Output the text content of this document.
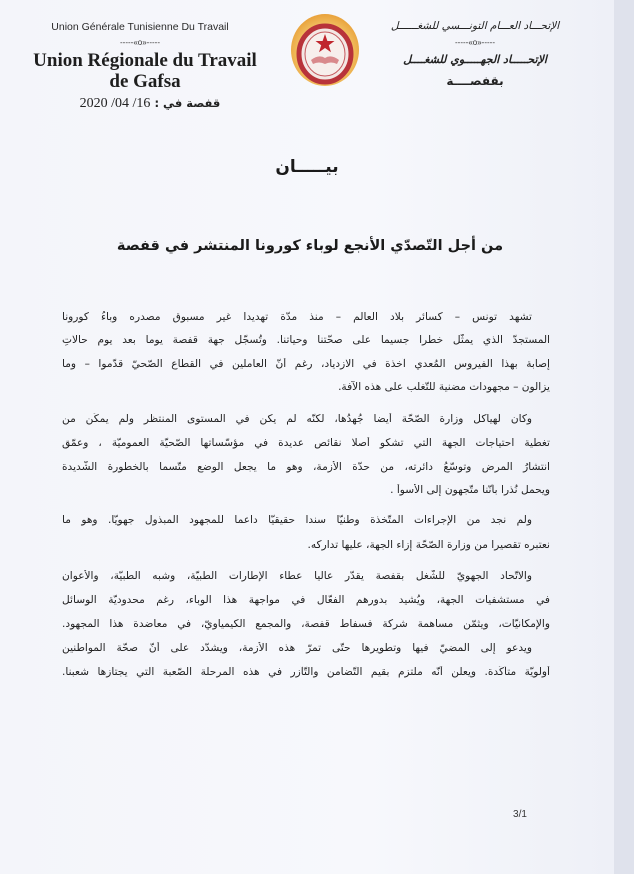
Union Générale Tunisienne Du Travail
-----«o»-----
Union Régionale du Travail
de Gafsa
قفصة في : 2020 /04 /16
الإتحـــاد العـــام التونـــسي للشغــــــل
-----«o»-----
الإتحـــــاد الجهـــــوي للشغــــل
بقفصــــة
بيـــــان
من أجل التّصدّي الأنجع لوباء كورونا المنتشر في قفصة
تشهد تونس – كسائر بلاد العالم – منذ مدّة تهديدا غير مسبوق مصدره وباءُ كورونا
المستجدّ الّذي يمثّل خطرا جسيما على صحّتنا وحياتنا. وتُسجّل جهة قفصة يوما بعد يوم حالاتِ
إصابة بهذا الفيروس المُعدي آخذة في الازدياد، رغم أنّ العاملين في القطاع الصّحيّ قدّموا – وما
يزالون – مجهودات مضنية للتّغلّب على هذه الآفة.
وكان لهياكل وزارة الصّحّة أيضا جُهدُها، لكنّه لم يكن في المستوى المنتظر ولم يمكّن من
تغطية احتياجات الجهة الّتي تشكو أصلا نقائص عديدة في مؤسّساتها الصّحيّة العموميّة ، وعمّق
انتشارُ المرض وتوسّعُ دائرته، من حدّة الأزمة، وهو ما يجعل الوضع متّسما بالخطورة الشّديدة
ويحمل نُذرا بأنّنا متّجهون إلى الأسوأ .
ولم نجد من الإجراءات المتّخذة وطنيّا سندا حقيقيّا داعما للمجهود المبذول جهويّا. وهو ما
نعتبره تقصيرا من وزارة الصّحّة إزاء الجهة، عليها تداركه.
والاتّحاد الجهويّ للشّغل بقفصة يقدّر عاليا عطاء الإطارات الطّبيّة، وشبه الطّبيّة، والأعوان
في مستشفيات الجهة، ويُشيد بدورهم الفعّال في مواجهة هذا الوباء، رغم محدوديّة الوسائل
والإمكانيّات، ويثمّن مساهمة شركة فسفاط قفصة، والمجمع الكيمياويّ، في معاضدة هذا المجهود.
ويدعو إلى المضيّ فيها وتطويرها حتّى تمرّ هذه الأزمة، ويشدّد على أنّ صحّة المواطنين
أولويّة متأكّدة. ويعلن أنّه ملتزم بقيم التّضامن والتّآزر في هذه المرحلة الصّعبة الّتي يجتازها شعبنا.
3/1
